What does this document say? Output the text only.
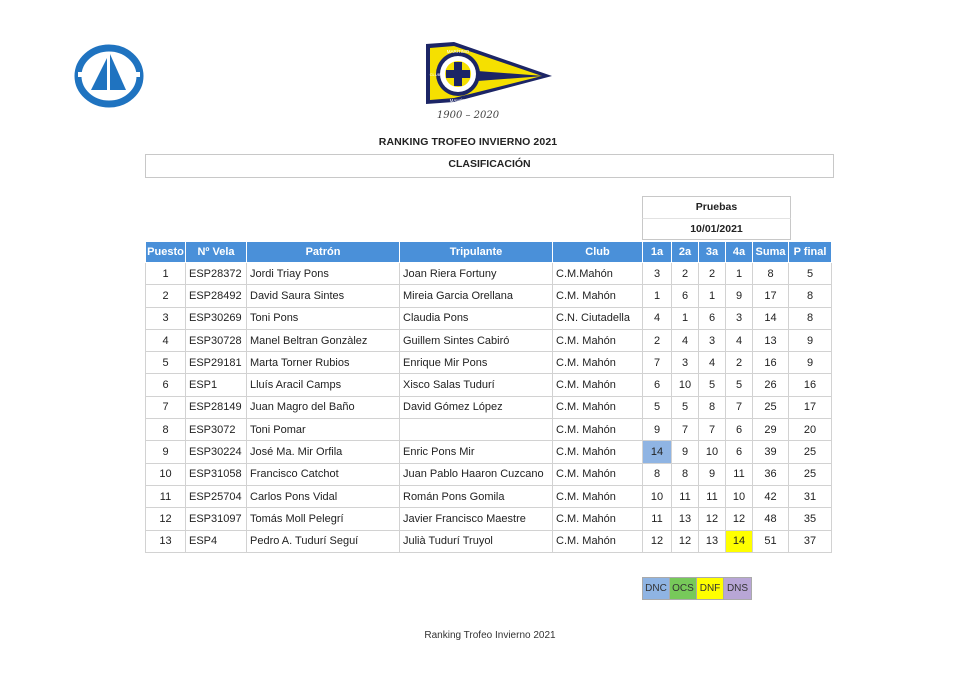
MARÍTIMO
MAHÓN
CLUB
1900 – 2020
RANKING TROFEO INVIERNO 2021
CLASIFICACIÓN
Pruebas
10/01/2021
Puesto	Nº Vela	Patrón	Tripulante	Club	1a	2a	3a	4a	Suma	P final
1	ESP28372	Jordi Triay Pons	Joan Riera Fortuny	C.M.Mahón	3	2	2	1	8	5
2	ESP28492	David Saura Sintes	Mireia Garcia Orellana	C.M. Mahón	1	6	1	9	17	8
3	ESP30269	Toni Pons	Claudia Pons	C.N. Ciutadella	4	1	6	3	14	8
4	ESP30728	Manel Beltran Gonzàlez	Guillem Sintes Cabiró	C.M. Mahón	2	4	3	4	13	9
5	ESP29181	Marta Torner Rubios	Enrique Mir Pons	C.M. Mahón	7	3	4	2	16	9
6	ESP1	Lluís Aracil Camps	Xisco Salas Tudurí	C.M. Mahón	6	10	5	5	26	16
7	ESP28149	Juan Magro del Baño	David Gómez López	C.M. Mahón	5	5	8	7	25	17
8	ESP3072	Toni Pomar		C.M. Mahón	9	7	7	6	29	20
9	ESP30224	José Ma. Mir Orfila	Enric Pons Mir	C.M. Mahón	14	9	10	6	39	25
10	ESP31058	Francisco Catchot	Juan Pablo Haaron Cuzcano	C.M. Mahón	8	8	9	11	36	25
11	ESP25704	Carlos Pons Vidal	Román Pons Gomila	C.M. Mahón	10	11	11	10	42	31
12	ESP31097	Tomás Moll Pelegrí	Javier Francisco Maestre	C.M. Mahón	11	13	12	12	48	35
13	ESP4	Pedro A. Tudurí Seguí	Julià Tudurí Truyol	C.M. Mahón	12	12	13	14	51	37
DNC OCS DNF DNS
Ranking Trofeo Invierno 2021
